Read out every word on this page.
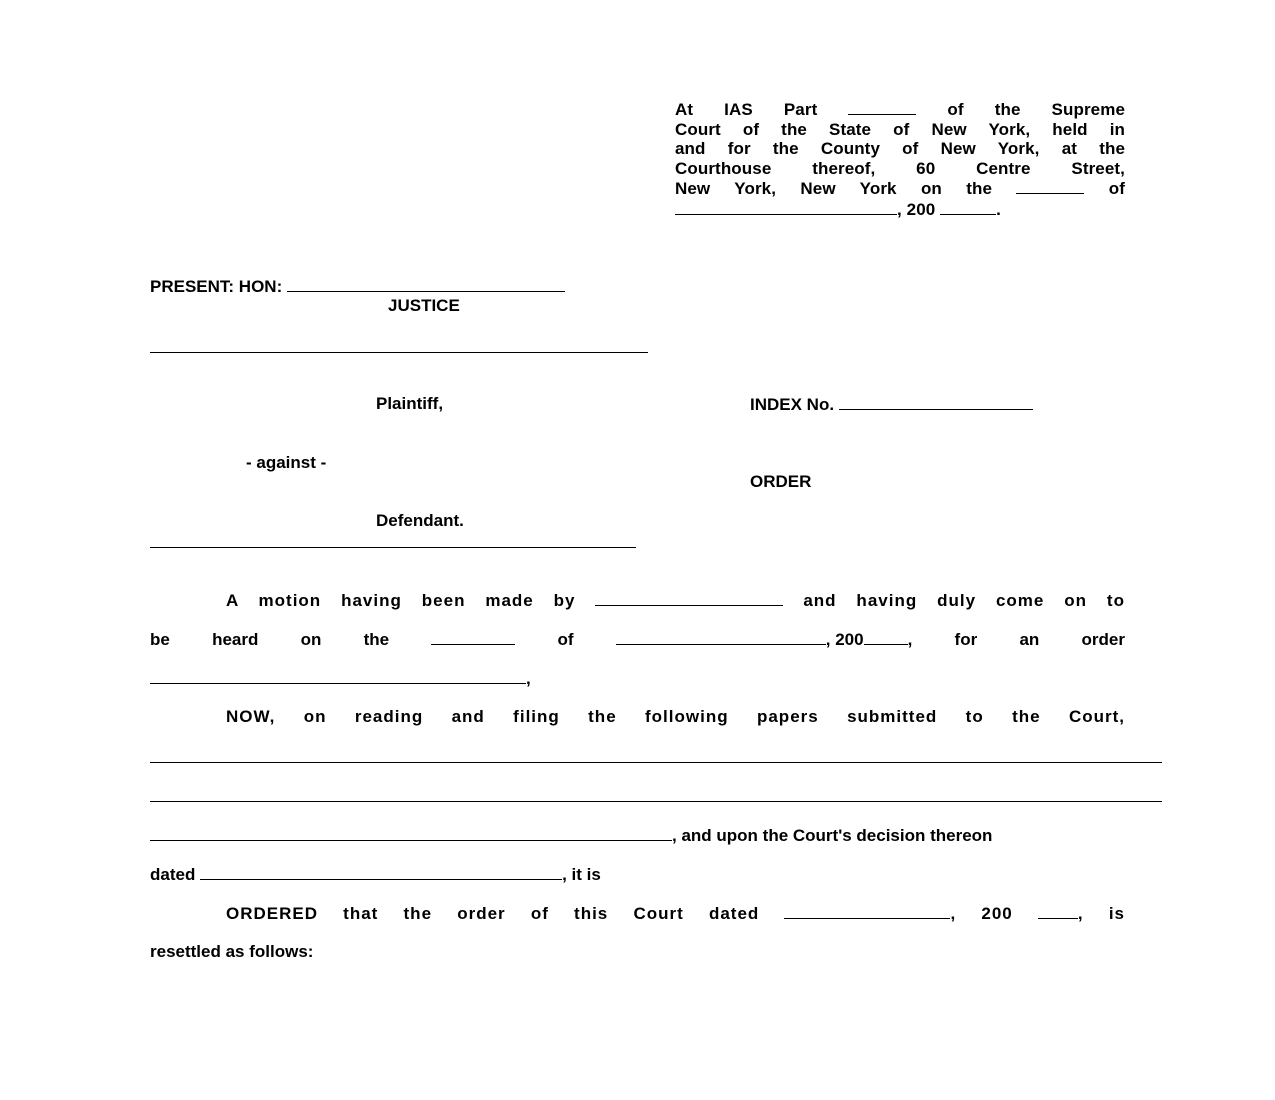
At IAS Part	of the Supreme
Court of the State of New York, held in
and for the County of New York, at the
Courthouse thereof, 60 Centre Street,
New York, New York on the	of
, 200	.
PRESENT: HON:
JUSTICE
Plaintiff,	INDEX No.
- against -
ORDER
Defendant.
A motion having been made by	and having duly come on to
be heard on the	of	, 200	, for an order
,
NOW, on reading and filing the following papers submitted to the Court,
, and upon the Court's decision thereon
dated	, it is
ORDERED that the order of this Court dated	, 200	, is
resettled as follows:
